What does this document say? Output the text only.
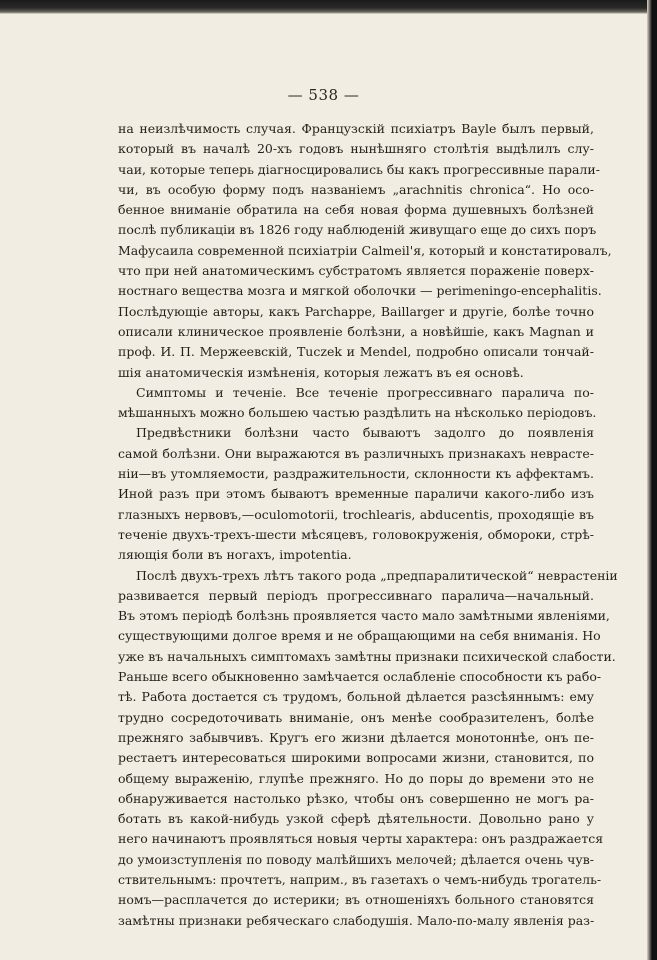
— 538 —
на неизлѣчимость случая. Французскій психіатръ Bayle былъ первый,
который въ началѣ 20-хъ годовъ нынѣшняго столѣтія выдѣлилъ слу-
чаи, которые теперь діагносцировались бы какъ прогрессивные парали-
чи, въ особую форму подъ названіемъ „arachnitis chronica“. Но осо-
бенное вниманіе обратила на себя новая форма душевныхъ болѣзней
послѣ публикаціи въ 1826 году наблюденій живущаго еще до сихъ поръ
Мафусаила современной психіатріи Calmeil'я, который и констатировалъ,
что при ней анатомическимъ субстратомъ является пораженіе поверх-
ностнаго вещества мозга и мягкой оболочки — perimeningo-encephalitis.
Послѣдующіе авторы, какъ Parchappe, Baillarger и другіе, болѣе точно
описали клиническое проявленіе болѣзни, а новѣйшіе, какъ Magnan и
проф. И. П. Мержеевскій, Tuczek и Mendel, подробно описали тончай-
шія анатомическія измѣненія, которыя лежатъ въ ея основѣ.
Симптомы и теченіе. Все теченіе прогрессивнаго паралича по-
мѣшанныхъ можно большею частью раздѣлить на нѣсколько періодовъ.
Предвѣстники болѣзни часто бываютъ задолго до появленія
самой болѣзни. Они выражаются въ различныхъ признакахъ неврасте-
ніи—въ утомляемости, раздражительности, склонности къ аффектамъ.
Иной разъ при этомъ бываютъ временные параличи какого-либо изъ
глазныхъ нервовъ,—oculomotorii, trochlearis, abducentis, проходящіе въ
теченіе двухъ-трехъ-шести мѣсяцевъ, головокруженія, обмороки, стрѣ-
ляющія боли въ ногахъ, impotentia.
Послѣ двухъ-трехъ лѣтъ такого рода „предпаралитической“ неврастеніи
развивается первый періодъ прогрессивнаго паралича—начальный.
Въ этомъ періодѣ болѣзнь проявляется часто мало замѣтными явленіями,
существующими долгое время и не обращающими на себя вниманія. Но
уже въ начальныхъ симптомахъ замѣтны признаки психической слабости.
Раньше всего обыкновенно замѣчается ослабленіе способности къ рабо-
тѣ. Работа достается съ трудомъ, больной дѣлается разсѣяннымъ: ему
трудно сосредоточивать вниманіе, онъ менѣе сообразителенъ, болѣе
прежняго забывчивъ. Кругъ его жизни дѣлается монотоннѣе, онъ пе-
рестаетъ интересоваться широкими вопросами жизни, становится, по
общему выраженію, глупѣе прежняго. Но до поры до времени это не
обнаруживается настолько рѣзко, чтобы онъ совершенно не могъ ра-
ботать въ какой-нибудь узкой сферѣ дѣятельности. Довольно рано у
него начинаютъ проявляться новыя черты характера: онъ раздражается
до умоизступленія по поводу малѣйшихъ мелочей; дѣлается очень чув-
ствительнымъ: прочтетъ, наприм., въ газетахъ о чемъ-нибудь трогатель-
номъ—расплачется до истерики; въ отношеніяхъ больного становятся
замѣтны признаки ребяческаго слабодушія. Мало-по-малу явленія раз-
